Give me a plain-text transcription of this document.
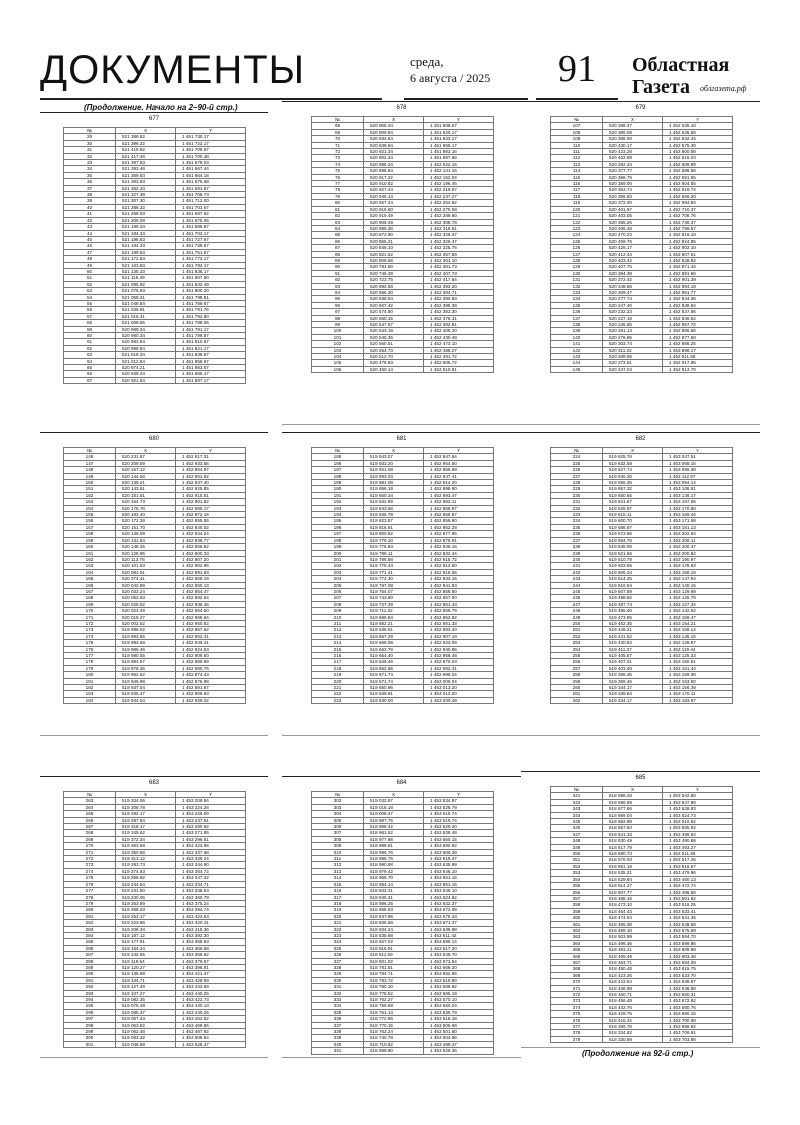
ДОКУМЕНТЫ	среда,
6 августа / 2025	91	Областная
Газета облгазета.рф
(Продолжение. Начало на 2–90-й стр.)
(Продолжение на 92-й стр.)
677
№	X	Y
29	521 386.82	1 451 730.17
30	521 396.32	1 451 723.17
31	521 415.62	1 451 709.67
32	521 417.48	1 451 700.48
33	521 397.83	1 451 678.03
34	521 393.46	1 451 667.44
35	521 369.83	1 451 664.18
36	521 363.83	1 451 675.68
37	521 352.33	1 451 691.87
38	521 327.38	1 451 708.73
39	521 307.30	1 451 712.00
40	521 288.32	1 451 703.67
41	521 268.03	1 451 687.62
42	521 205.09	1 451 675.05
43	521 199.33	1 451 686.87
44	521 184.33	1 451 702.17
45	521 196.83	1 451 727.67
46	521 184.33	1 451 739.67
47	521 189.83	1 451 751.67
48	521 172.83	1 451 772.17
49	521 163.83	1 451 784.17
50	521 135.33	1 451 838.17
51	521 115.49	1 451 807.50
52	521 095.92	1 451 832.49
53	521 076.93	1 451 800.20
54	521 058.31	1 451 798.81
55	521 048.84	1 451 789.67
56	521 035.81	1 451 791.76
57	521 018.41	1 451 792.80
58	521 008.65	1 451 788.06
59	520 989.34	1 451 791.17
60	520 980.34	1 451 798.57
61	520 983.84	1 451 810.67
62	520 998.84	1 451 821.17
63	521 018.34	1 451 838.67
64	521 012.84	1 451 858.67
65	520 974.21	1 451 883.57
66	520 939.34	1 451 886.17
67	520 921.84	1 451 897.17
678
№	X	Y
68	520 908.34	1 451 908.67
69	520 909.84	1 451 920.17
70	520 934.84	1 451 943.17
71	520 838.84	1 451 966.17
72	520 921.34	1 451 983.16
73	520 902.34	1 451 997.66
74	520 896.34	1 452 022.16
75	520 898.84	1 452 131.16
76	520 917.32	1 452 152.04
77	520 910.82	1 452 196.46
78	520 927.44	1 452 219.57
79	520 945.13	1 452 237.27
80	520 927.44	1 452 254.92
81	520 916.60	1 452 270.58
82	520 919.49	1 452 289.60
83	520 906.49	1 452 308.78
84	520 896.38	1 452 319.61
85	520 872.90	1 452 326.47
86	520 855.21	1 452 326.47
87	520 845.10	1 452 325.75
88	520 821.62	1 452 357.89
89	520 809.68	1 452 361.10
90	520 781.90	1 452 381.73
91	520 749.39	1 452 407.73
92	520 723.75	1 452 417.64
93	520 692.58	1 452 392.20
94	520 656.30	1 452 384.71
95	520 638.54	1 452 390.83
96	520 607.42	1 452 385.38
97	520 574.80	1 452 383.30
98	520 560.15	1 452 376.31
99	520 547.87	1 452 382.81
100	520 543.18	1 452 405.20
101	520 545.35	1 452 430.48
102	520 560.51	1 452 473.10
103	520 554.73	1 452 488.27
104	520 512.70	1 452 491.72
105	520 478.83	1 452 506.72
106	520 450.14	1 452 510.81
679
№	X	Y
107	520 398.47	1 452 535.10
108	520 386.08	1 452 535.58
109	520 385.00	1 452 542.44
110	520 430.17	1 452 575.30
111	520 423.28	1 452 600.58
112	520 402.69	1 452 615.03
113	520 392.34	1 452 608.89
114	520 377.77	1 452 588.66
115	520 368.75	1 452 591.55
116	520 359.00	1 452 604.55
117	520 353.74	1 452 619.72
118	520 356.83	1 452 669.20
119	520 372.00	1 452 694.84
120	520 401.97	1 452 710.37
121	520 403.05	1 452 706.76
122	520 395.26	1 452 736.37
123	520 406.48	1 452 799.57
124	520 470.23	1 452 816.18
125	520 459.75	1 452 824.85
126	520 426.17	1 452 802.10
127	520 412.44	1 452 807.51
128	520 403.42	1 452 828.82
129	520 407.75	1 452 871.44
130	520 394.39	1 452 891.66
131	520 372.42	1 452 901.39
132	520 348.86	1 452 894.19
133	520 309.47	1 452 861.77
134	520 277.74	1 452 844.36
135	520 247.40	1 452 838.94
136	520 232.23	1 452 837.86
137	520 227.18	1 452 846.52
138	520 235.85	1 452 857.72
139	520 261.13	1 452 865.66
140	520 276.65	1 452 877.58
141	520 303.74	1 452 886.25
142	520 311.32	1 452 898.17
143	520 289.95	1 452 911.58
144	520 273.51	1 452 917.95
145	520 247.04	1 452 913.70
680
№	X	Y
146	520 231.87	1 452 917.31
147	520 209.59	1 452 933.56
148	520 157.12	1 452 954.87
149	520 144.58	1 452 951.62
150	520 138.21	1 452 937.40
151	520 143.61	1 452 925.85
152	520 151.51	1 452 915.81
153	520 164.73	1 452 901.82
154	520 178.78	1 452 885.17
155	520 182.40	1 452 872.16
156	520 172.28	1 452 855.55
157	520 151.70	1 452 840.02
158	520 135.09	1 452 834.24
159	520 131.84	1 452 836.77
160	520 148.45	1 452 856.52
161	520 128.95	1 452 900.33
162	520 113.78	1 452 907.20
163	520 101.53	1 452 902.95
164	520 081.01	1 452 891.93
165	520 074.41	1 452 868.19
166	520 042.99	1 452 850.13
167	520 033.24	1 452 854.47
168	520 053.83	1 452 882.64
169	520 026.02	1 452 936.45
170	520 023.49	1 452 954.50
171	520 016.27	1 452 966.64
172	520 002.52	1 452 950.82
173	519 996.02	1 452 957.62
174	519 993.55	1 452 952.31
175	519 993.68	1 452 936.41
176	519 985.46	1 452 924.53
177	519 980.55	1 452 909.50
178	519 984.57	1 452 889.69
179	519 978.35	1 452 880.75
180	519 962.62	1 452 874.43
181	519 946.98	1 452 876.98
182	519 937.54	1 452 891.67
183	519 935.37	1 452 906.83
184	519 944.04	1 452 929.22
681
№	X	Y
185	519 943.07	1 452 947.64
186	519 933.20	1 452 954.50
187	519 921.08	1 452 956.08
188	519 893.03	1 452 947.41
189	519 881.08	1 452 914.20
190	519 856.19	1 452 898.90
191	519 850.34	1 452 893.47
192	519 842.89	1 452 883.11
193	519 843.58	1 452 868.97
194	519 835.78	1 452 858.87
195	519 823.57	1 452 858.90
196	519 816.91	1 452 862.28
197	519 800.82	1 452 877.95
198	519 776.10	1 452 879.91
199	519 776.83	1 452 846.16
200	519 789.11	1 452 832.44
201	519 786.58	1 452 818.72
202	519 775.44	1 452 812.50
203	519 771.41	1 452 816.55
204	519 774.30	1 452 833.16
205	519 767.08	1 452 841.83
206	519 754.07	1 452 858.50
207	519 743.60	1 452 857.00
208	519 727.49	1 452 861.43
209	519 711.32	1 452 856.79
210	519 696.84	1 452 852.82
211	519 682.21	1 452 861.33
212	519 638.51	1 452 893.40
213	519 657.29	1 452 907.19
214	519 666.08	1 452 923.09
215	519 663.79	1 452 940.86
216	519 654.40	1 452 958.48
217	519 646.46	1 452 970.03
218	519 652.96	1 452 982.31
219	519 671.74	1 452 996.04
220	519 671.74	1 453 009.04
221	519 660.96	1 453 013.20
222	519 649.91	1 453 012.20
223	519 630.00	1 453 030.49
682
№	X	Y
224	519 625.76	1 453 047.51
225	519 632.58	1 453 068.16
226	519 627.74	1 453 096.38
227	519 646.30	1 453 112.67
228	519 655.35	1 453 094.14
229	519 657.32	1 453 106.81
230	519 650.65	1 453 136.17
231	519 641.67	1 453 167.66
232	519 628.97	1 453 170.66
233	519 615.11	1 453 169.44
234	519 600.70	1 453 171.58
235	519 586.97	1 453 181.13
236	519 573.66	1 453 202.94
237	519 564.76	1 453 208.11
238	519 545.06	1 453 200.47
239	519 521.66	1 453 200.82
240	519 510.79	1 453 190.97
241	519 503.55	1 453 178.63
242	519 506.34	1 453 158.19
243	519 514.25	1 453 147.94
244	519 516.54	1 453 140.15
245	519 507.89	1 453 129.69
246	519 498.92	1 453 125.79
247	519 487.74	1 453 127.34
248	519 485.40	1 453 142.52
249	519 473.85	1 453 159.47
250	519 462.35	1 453 154.21
251	519 449.21	1 453 158.14
252	519 441.62	1 453 145.15
253	519 430.64	1 453 128.97
254	519 411.37	1 453 119.44
255	519 405.57	1 453 125.33
256	519 407.01	1 453 150.61
257	519 403.40	1 453 161.44
258	519 398.35	1 453 169.39
259	519 369.45	1 453 153.50
260	519 344.17	1 453 156.39
261	519 339.84	1 453 170.11
262	519 344.17	1 453 183.67
683
№	X	Y
263	519 334.06	1 453 209.84
264	519 308.78	1 453 224.28
265	519 292.17	1 453 225.00
266	519 287.84	1 453 237.51
267	519 318.17	1 453 280.62
268	519 345.62	1 453 271.95
269	519 372.34	1 453 296.51
270	519 363.68	1 453 323.96
271	519 350.68	1 453 337.68
272	519 313.12	1 453 336.24
273	519 293.73	1 453 344.90
274	519 274.53	1 453 354.72
275	519 256.92	1 453 347.32
276	519 244.64	1 453 334.71
277	519 231.50	1 453 338.53
278	519 230.05	1 453 360.79
279	519 253.89	1 453 375.24
280	519 268.33	1 453 394.74
281	519 253.17	1 453 423.63
282	519 223.66	1 453 420.41
283	519 208.34	1 453 415.36
284	519 187.12	1 453 392.30
285	519 177.91	1 453 368.53
286	519 164.24	1 453 366.68
287	519 132.55	1 453 368.82
288	519 119.54	1 453 379.57
289	519 120.27	1 453 396.91
290	519 136.88	1 453 421.47
291	519 134.71	1 453 428.69
292	519 127.49	1 453 443.69
293	519 107.27	1 453 440.25
294	519 082.35	1 453 422.73
295	519 075.48	1 453 430.13
296	519 065.37	1 453 440.25
297	519 057.43	1 453 452.52
298	519 053.82	1 453 469.86
299	519 062.48	1 453 487.92
300	519 063.32	1 453 508.54
301	519 046.59	1 453 528.37
684
№	X	Y
302	519 032.87	1 453 534.87
303	519 018.18	1 453 528.79
304	519 008.37	1 453 519.74
305	518 987.75	1 453 519.74
306	518 966.42	1 453 526.20
307	518 961.52	1 453 538.48
308	518 977.98	1 453 560.15
309	518 988.81	1 453 580.82
310	518 996.76	1 453 600.39
311	518 996.76	1 453 619.37
312	518 990.98	1 453 635.99
313	518 979.42	1 453 646.10
314	518 965.70	1 453 651.15
315	518 954.14	1 453 651.15
316	518 943.31	1 453 646.10
317	518 945.31	1 453 624.82
318	518 886.25	1 453 632.37
319	518 856.63	1 453 672.09
320	518 847.96	1 453 676.43
321	518 835.68	1 453 671.37
322	518 834.24	1 453 635.98
323	518 835.68	1 453 611.42
324	518 827.02	1 453 599.14
325	518 816.91	1 453 617.20
326	518 811.59	1 453 649.70
327	518 801.02	1 453 673.54
328	518 781.51	1 453 669.20
329	518 784.71	1 453 652.95
330	518 783.72	1 453 619.80
331	518 780.10	1 453 589.92
332	518 778.52	1 453 585.19
333	518 762.27	1 453 570.10
334	518 758.58	1 453 560.24
335	518 761.13	1 453 539.79
336	518 772.96	1 453 518.18
337	518 770.15	1 453 505.69
338	518 763.24	1 453 501.80
339	518 740.78	1 453 504.86
340	518 710.82	1 453 499.47
341	518 699.90	1 453 528.36
685
№	X	Y
341	518 696.28	1 453 542.80
342	518 686.89	1 453 547.86
343	518 677.66	1 453 528.83
344	518 669.04	1 453 524.73
345	518 662.89	1 453 516.62
346	518 657.84	1 453 505.92
347	518 641.33	1 453 498.62
348	518 630.49	1 453 490.68
349	518 617.79	1 453 493.27
350	518 590.73	1 453 511.55
351	518 576.03	1 453 517.26
352	518 561.19	1 453 516.57
353	518 535.21	1 453 479.96
354	518 529.84	1 453 480.13
355	518 514.27	1 453 472.74
356	518 507.77	1 453 486.58
357	518 488.16	1 453 501.82
358	518 473.10	1 453 518.25
359	518 464.43	1 453 533.41
360	518 474.54	1 453 541.36
361	518 485.38	1 453 548.58
362	518 499.10	1 453 575.69
363	518 503.99	1 453 584.70
364	518 496.36	1 453 599.86
365	518 483.21	1 453 609.98
366	518 469.49	1 453 603.48
367	518 463.71	1 453 594.09
368	518 450.48	1 453 615.75
369	518 423.26	1 453 623.70
370	518 423.54	1 453 638.87
371	518 436.98	1 453 648.98
372	518 450.71	1 453 660.31
373	518 456.48	1 453 672.82
374	518 442.76	1 453 680.76
375	518 429.76	1 453 690.15
376	518 415.32	1 453 700.98
377	518 359.76	1 453 698.82
378	518 334.82	1 453 706.91
379	518 330.69	1 453 703.88
